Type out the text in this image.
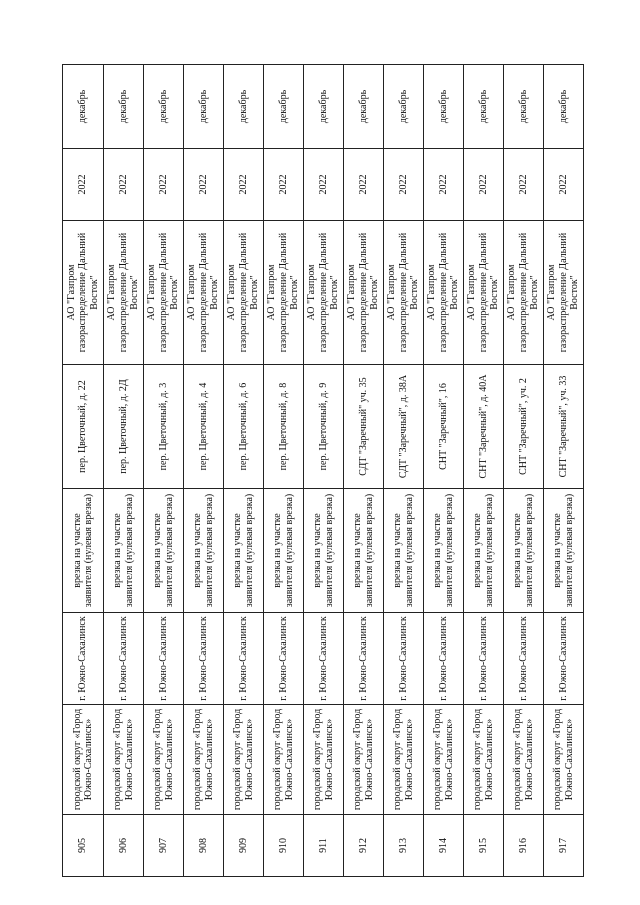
905	городской округ «Город Южно-Сахалинск»	г. Южно-Сахалинск	врезка на участке заявителя (нулевая врезка)	пер. Цветочный, д. 22	АО "Газпром газораспределение Дальний Восток"	2022	декабрь
906	городской округ «Город Южно-Сахалинск»	г. Южно-Сахалинск	врезка на участке заявителя (нулевая врезка)	пер. Цветочный, д. 2Д	АО "Газпром газораспределение Дальний Восток"	2022	декабрь
907	городской округ «Город Южно-Сахалинск»	г. Южно-Сахалинск	врезка на участке заявителя (нулевая врезка)	пер. Цветочный, д. 3	АО "Газпром газораспределение Дальний Восток"	2022	декабрь
908	городской округ «Город Южно-Сахалинск»	г. Южно-Сахалинск	врезка на участке заявителя (нулевая врезка)	пер. Цветочный, д. 4	АО "Газпром газораспределение Дальний Восток"	2022	декабрь
909	городской округ «Город Южно-Сахалинск»	г. Южно-Сахалинск	врезка на участке заявителя (нулевая врезка)	пер. Цветочный, д. 6	АО "Газпром газораспределение Дальний Восток"	2022	декабрь
910	городской округ «Город Южно-Сахалинск»	г. Южно-Сахалинск	врезка на участке заявителя (нулевая врезка)	пер. Цветочный, д. 8	АО "Газпром газораспределение Дальний Восток"	2022	декабрь
911	городской округ «Город Южно-Сахалинск»	г. Южно-Сахалинск	врезка на участке заявителя (нулевая врезка)	пер. Цветочный, д. 9	АО "Газпром газораспределение Дальний Восток"	2022	декабрь
912	городской округ «Город Южно-Сахалинск»	г. Южно-Сахалинск	врезка на участке заявителя (нулевая врезка)	СДТ "Заречный" уч. 35	АО "Газпром газораспределение Дальний Восток"	2022	декабрь
913	городской округ «Город Южно-Сахалинск»	г. Южно-Сахалинск	врезка на участке заявителя (нулевая врезка)	СДТ "Заречный", д. 38А	АО "Газпром газораспределение Дальний Восток"	2022	декабрь
914	городской округ «Город Южно-Сахалинск»	г. Южно-Сахалинск	врезка на участке заявителя (нулевая врезка)	СНТ "Заречный", 16	АО "Газпром газораспределение Дальний Восток"	2022	декабрь
915	городской округ «Город Южно-Сахалинск»	г. Южно-Сахалинск	врезка на участке заявителя (нулевая врезка)	СНТ "Заречный", д. 40А	АО "Газпром газораспределение Дальний Восток"	2022	декабрь
916	городской округ «Город Южно-Сахалинск»	г. Южно-Сахалинск	врезка на участке заявителя (нулевая врезка)	СНТ "Заречный", уч. 2	АО "Газпром газораспределение Дальний Восток"	2022	декабрь
917	городской округ «Город Южно-Сахалинск»	г. Южно-Сахалинск	врезка на участке заявителя (нулевая врезка)	СНТ "Заречный", уч. 33	АО "Газпром газораспределение Дальний Восток"	2022	декабрь
